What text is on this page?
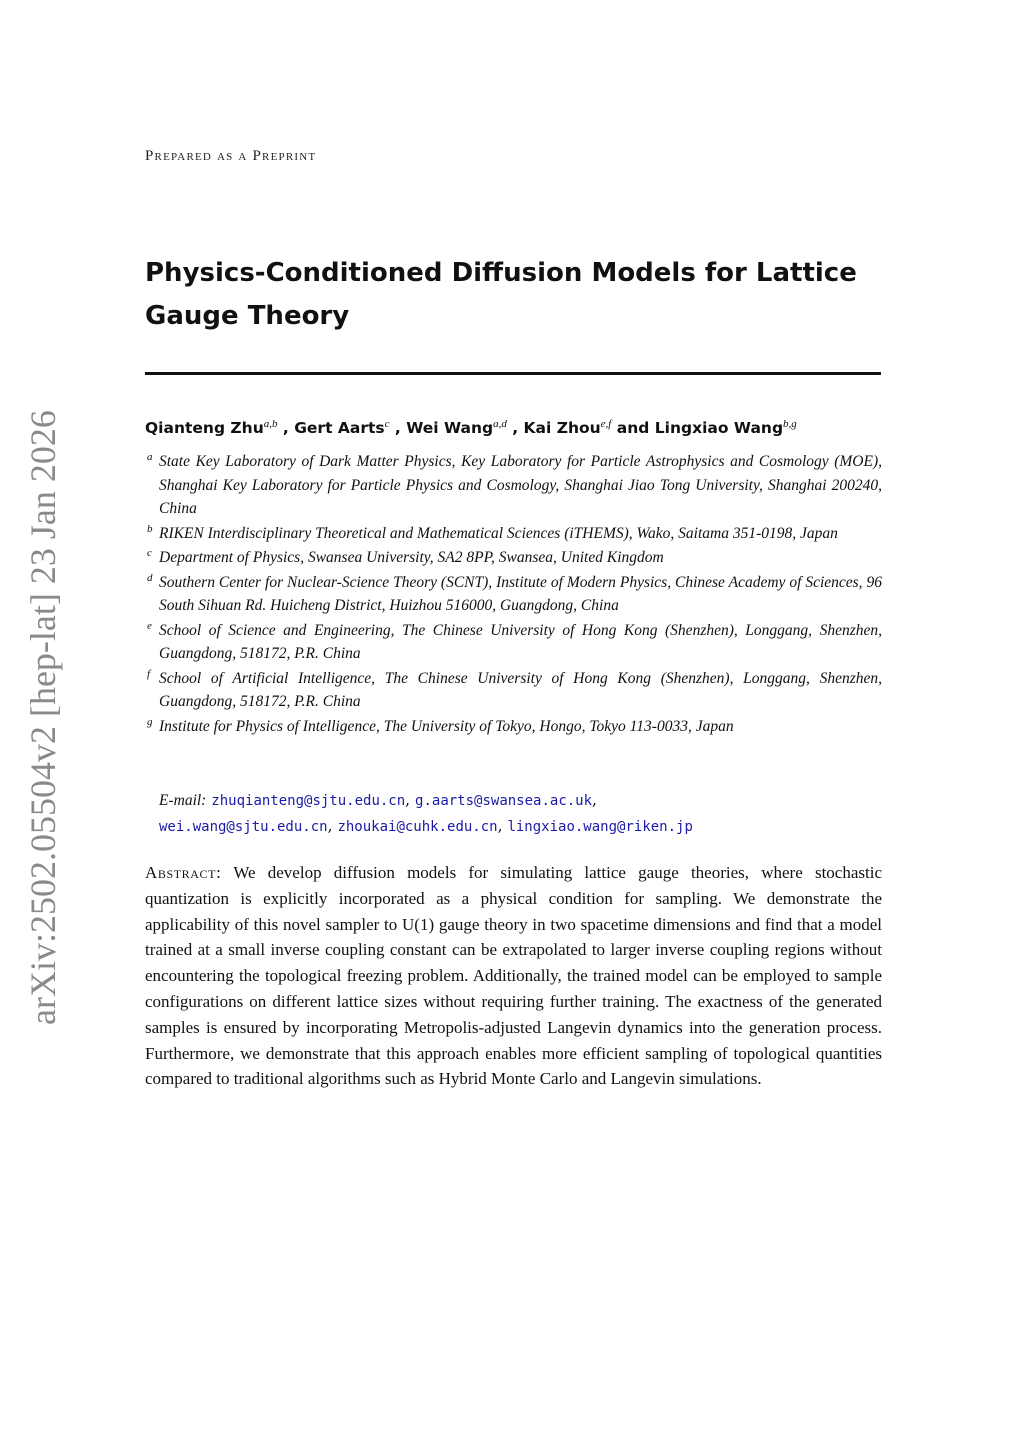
arXiv:2502.05504v2 [hep-lat] 23 Jan 2026
Prepared as a Preprint
Physics-Conditioned Diffusion Models for Lattice Gauge Theory
Qianteng Zhu$^{a,b}$ , Gert Aarts$^c$ , Wei Wang$^{a,d}$ , Kai Zhou$^{e,f}$ and Lingxiao Wang$^{b,g}$
a State Key Laboratory of Dark Matter Physics, Key Laboratory for Particle Astrophysics and Cosmology (MOE), Shanghai Key Laboratory for Particle Physics and Cosmology, Shanghai Jiao Tong University, Shanghai 200240, China
b RIKEN Interdisciplinary Theoretical and Mathematical Sciences (iTHEMS), Wako, Saitama 351-0198, Japan
c Department of Physics, Swansea University, SA2 8PP, Swansea, United Kingdom
d Southern Center for Nuclear-Science Theory (SCNT), Institute of Modern Physics, Chinese Academy of Sciences, 96 South Sihuan Rd. Huicheng District, Huizhou 516000, Guangdong, China
e School of Science and Engineering, The Chinese University of Hong Kong (Shenzhen), Longgang, Shenzhen, Guangdong, 518172, P.R. China
f School of Artificial Intelligence, The Chinese University of Hong Kong (Shenzhen), Longgang, Shenzhen, Guangdong, 518172, P.R. China
g Institute for Physics of Intelligence, The University of Tokyo, Hongo, Tokyo 113-0033, Japan
E-mail: zhuqianteng@sjtu.edu.cn, g.aarts@swansea.ac.uk,
wei.wang@sjtu.edu.cn, zhoukai@cuhk.edu.cn, lingxiao.wang@riken.jp
Abstract: We develop diffusion models for simulating lattice gauge theories, where stochastic quantization is explicitly incorporated as a physical condition for sampling. We demonstrate the applicability of this novel sampler to U(1) gauge theory in two spacetime dimensions and find that a model trained at a small inverse coupling constant can be extrapolated to larger inverse coupling regions without encountering the topological freezing problem. Additionally, the trained model can be employed to sample configurations on different lattice sizes without requiring further training. The exactness of the generated samples is ensured by incorporating Metropolis-adjusted Langevin dynamics into the generation process. Furthermore, we demonstrate that this approach enables more efficient sampling of topological quantities compared to traditional algorithms such as Hybrid Monte Carlo and Langevin simulations.
